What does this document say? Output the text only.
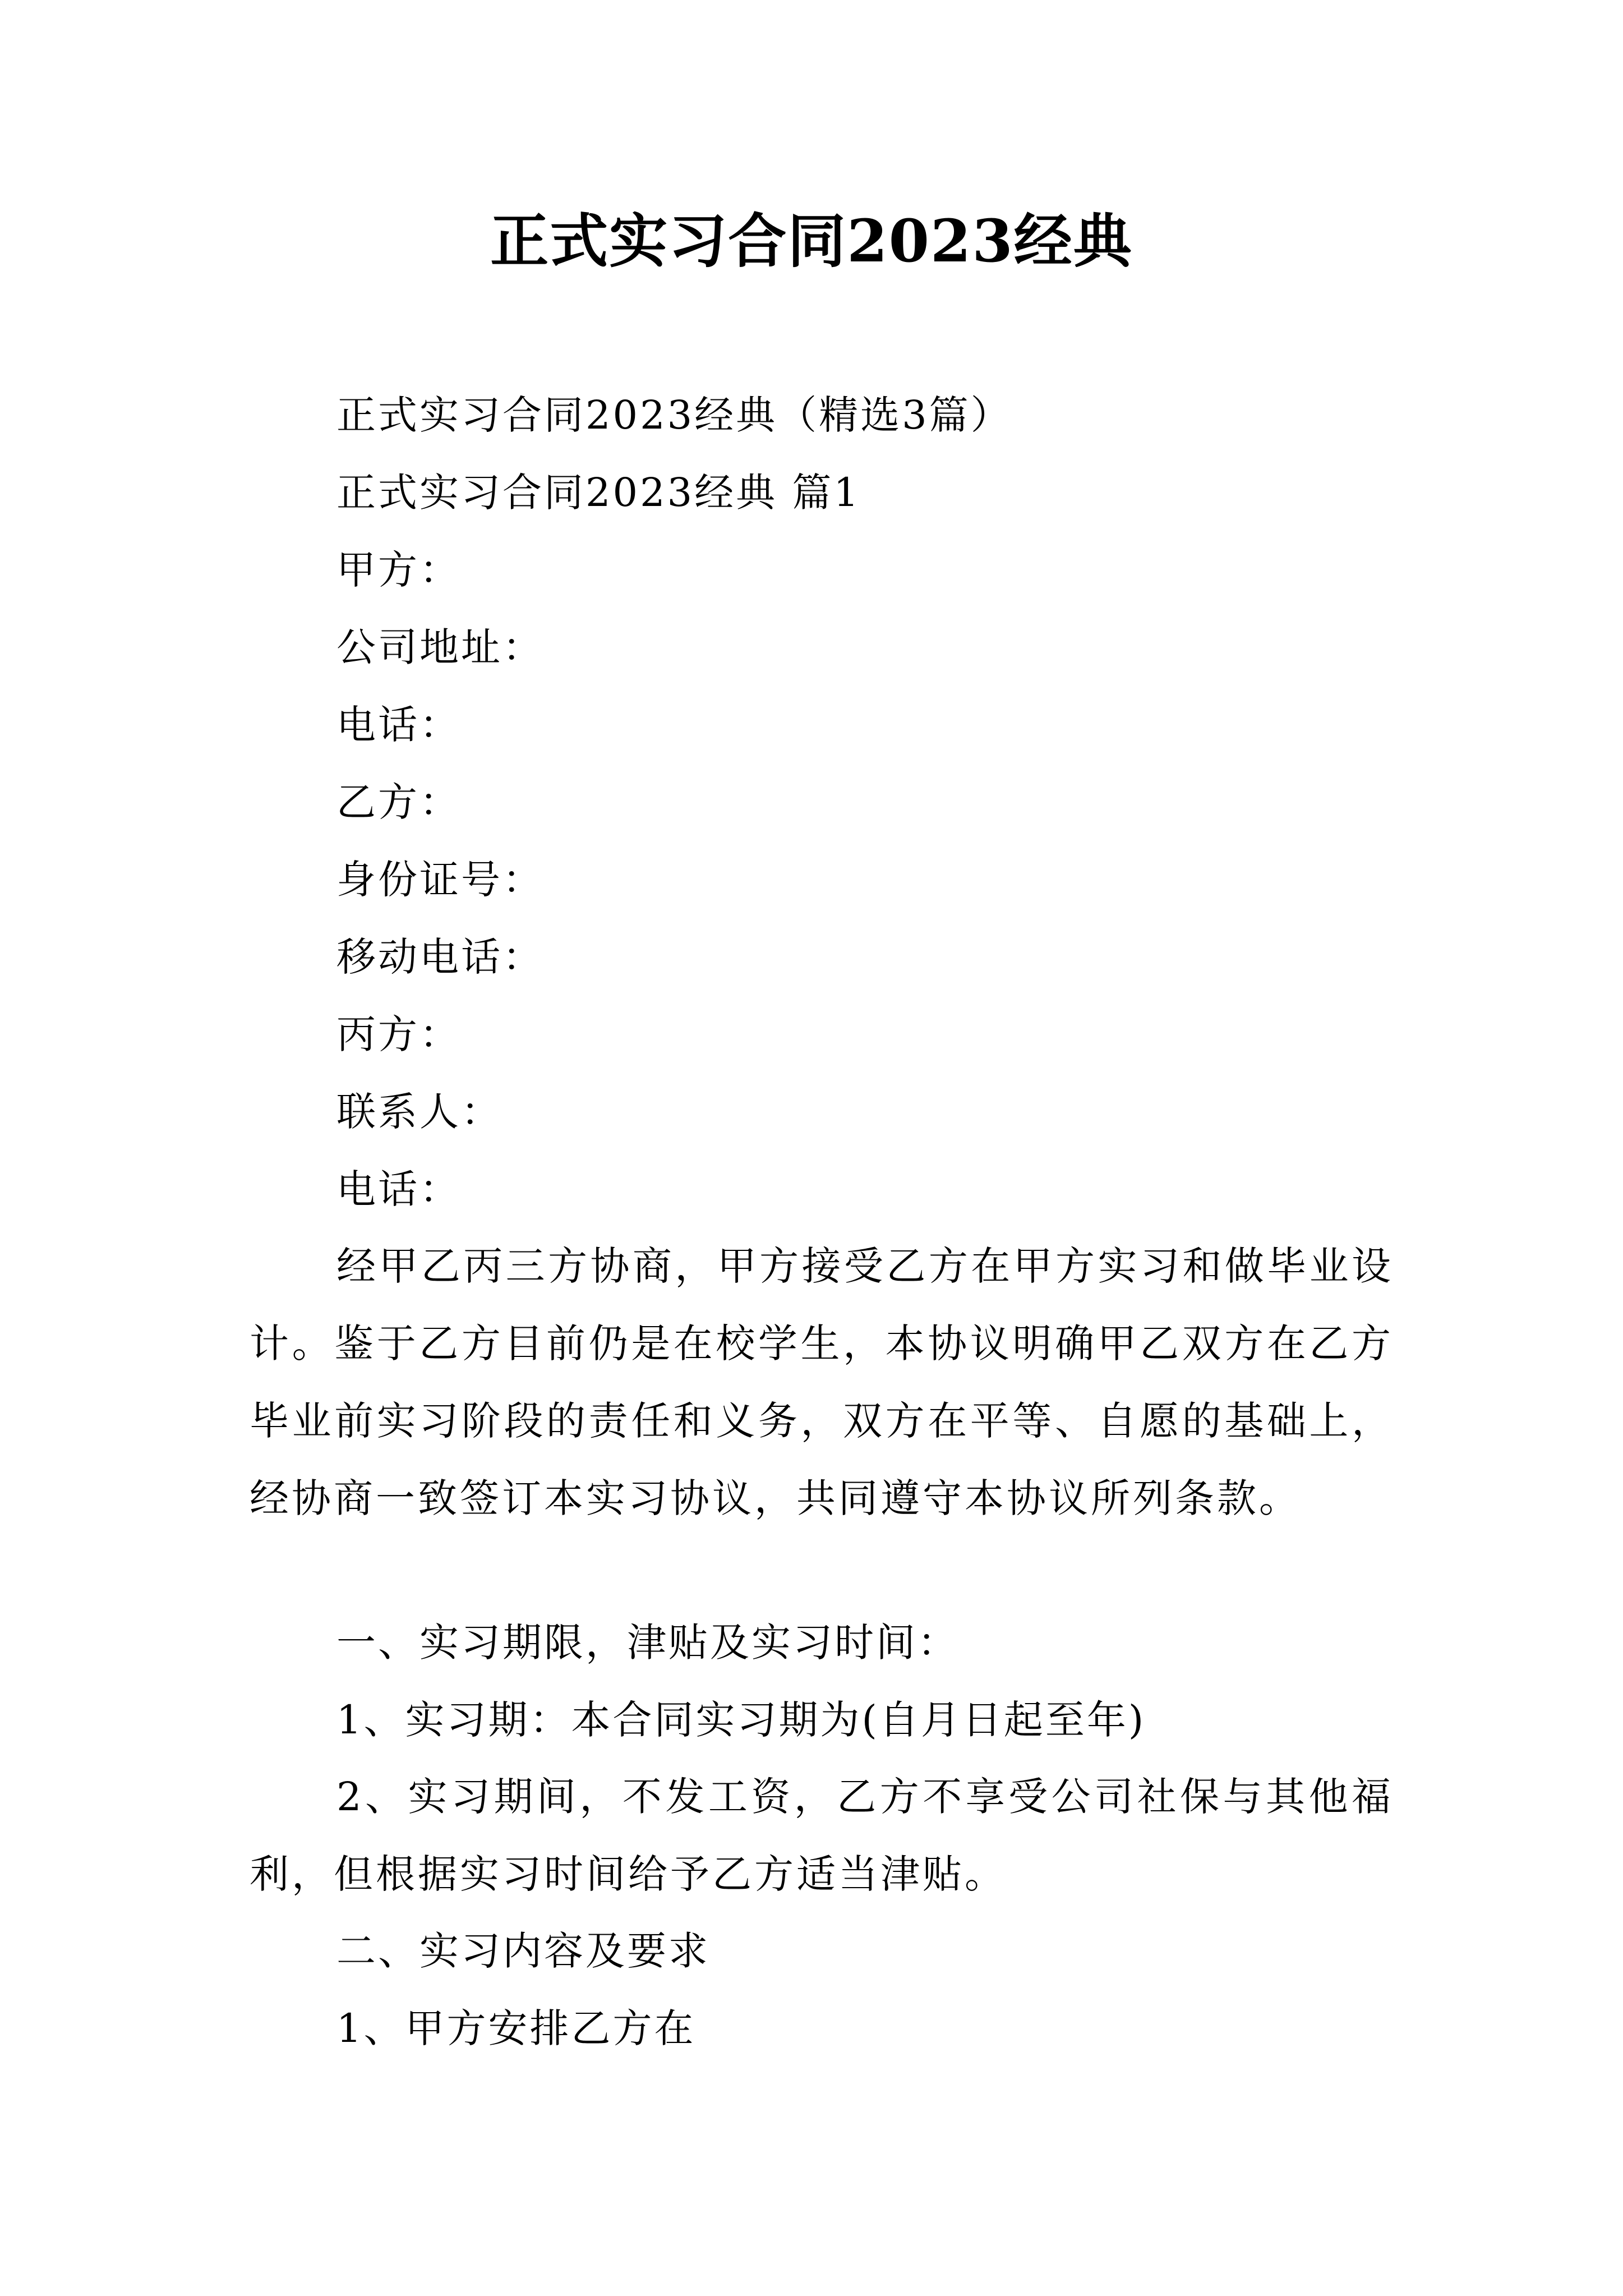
正式实习合同2023经典
正式实习合同2023经典（精选3篇）
正式实习合同2023经典 篇1
甲方：
公司地址：
电话：
乙方：
身份证号：
移动电话：
丙方：
联系人：
电话：
经甲乙丙三方协商，甲方接受乙方在甲方实习和做毕业设计。鉴于乙方目前仍是在校学生，本协议明确甲乙双方在乙方毕业前实习阶段的责任和义务，双方在平等、自愿的基础上，经协商一致签订本实习协议，共同遵守本协议所列条款。
一、实习期限，津贴及实习时间：
1、实习期：本合同实习期为(自月日起至年)
2、实习期间，不发工资，乙方不享受公司社保与其他福利，但根据实习时间给予乙方适当津贴。
二、实习内容及要求
1、甲方安排乙方在
